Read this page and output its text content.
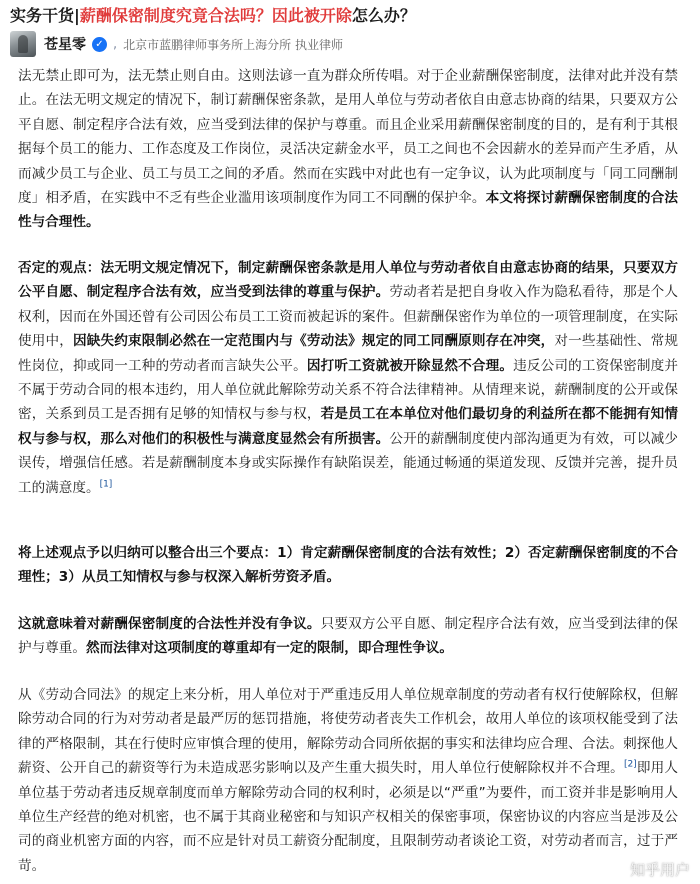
实务干货|薪酬保密制度究竟合法吗？因此被开除怎么办？
苍星零 ✓ , 北京市蓝鹏律师事务所上海分所 执业律师

法无禁止即可为，法无禁止则自由。这则法谚一直为群众所传唱。对于企业薪酬保密制度，法律对此并没有禁止。在法无明文规定的情况下，制订薪酬保密条款，是用人单位与劳动者依自由意志协商的结果，只要双方公平自愿、制定程序合法有效，应当受到法律的保护与尊重。而且企业采用薪酬保密制度的目的，是有利于其根据每个员工的能力、工作态度及工作岗位，灵活决定薪金水平，员工之间也不会因薪水的差异而产生矛盾，从而减少员工与企业、员工与员工之间的矛盾。然而在实践中对此也有一定争议，认为此项制度与「同工同酬制度」相矛盾，在实践中不乏有些企业滥用该项制度作为同工不同酬的保护伞。本文将探讨薪酬保密制度的合法性与合理性。

否定的观点：法无明文规定情况下，制定薪酬保密条款是用人单位与劳动者依自由意志协商的结果，只要双方公平自愿、制定程序合法有效，应当受到法律的尊重与保护。劳动者若是把自身收入作为隐私看待，那是个人权利，因而在外国还曾有公司因公布员工工资而被起诉的案件。但薪酬保密作为单位的一项管理制度，在实际使用中，因缺失约束限制必然在一定范围内与《劳动法》规定的同工同酬原则存在冲突，对一些基础性、常规性岗位，抑或同一工种的劳动者而言缺失公平。因打听工资就被开除显然不合理。违反公司的工资保密制度并不属于劳动合同的根本违约，用人单位就此解除劳动关系不符合法律精神。从情理来说，薪酬制度的公开或保密，关系到员工是否拥有足够的知情权与参与权，若是员工在本单位对他们最切身的利益所在都不能拥有知情权与参与权，那么对他们的积极性与满意度显然会有所损害。公开的薪酬制度使内部沟通更为有效，可以减少误传，增强信任感。若是薪酬制度本身或实际操作有缺陷误差，能通过畅通的渠道发现、反馈并完善，提升员工的满意度。[1]

将上述观点予以归纳可以整合出三个要点：1）肯定薪酬保密制度的合法有效性；2）否定薪酬保密制度的不合理性；3）从员工知情权与参与权深入解析劳资矛盾。

这就意味着对薪酬保密制度的合法性并没有争议。只要双方公平自愿、制定程序合法有效，应当受到法律的保护与尊重。然而法律对这项制度的尊重却有一定的限制，即合理性争议。

从《劳动合同法》的规定上来分析，用人单位对于严重违反用人单位规章制度的劳动者有权行使解除权，但解除劳动合同的行为对劳动者是最严厉的惩罚措施，将使劳动者丧失工作机会，故用人单位的该项权能受到了法律的严格限制，其在行使时应审慎合理的使用，解除劳动合同所依据的事实和法律均应合理、合法。刺探他人薪资、公开自己的薪资等行为未造成恶劣影响以及产生重大损失时，用人单位行使解除权并不合理。[2]即用人单位基于劳动者违反规章制度而单方解除劳动合同的权利时，必须是以“严重”为要件，而工资并非是影响用人单位生产经营的绝对机密，也不属于其商业秘密和与知识产权相关的保密事项，保密协议的内容应当是涉及公司的商业机密方面的内容，而不应是针对员工薪资分配制度，且限制劳动者谈论工资，对劳动者而言，过于严苛。	知乎用户
